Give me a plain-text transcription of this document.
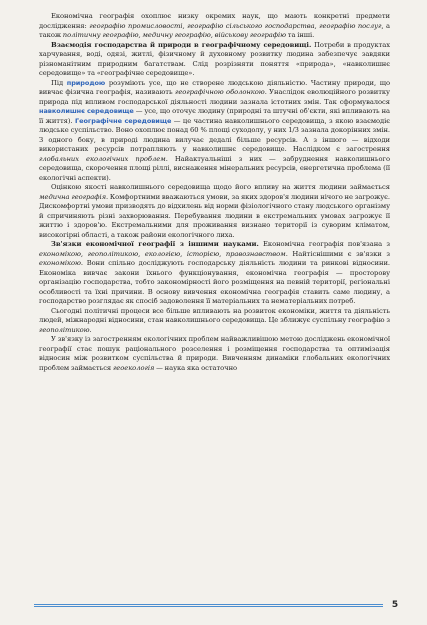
Економічна географія охоплює низку окремих наук, що мають конкретні предмети дослідження: географію промисловості, географію сільського господарства, географію послуг, а також політичну географію, медичну географію, військову географію та інші.

Взаємодія господарства й природи в географічному середовищі. Потреби в продуктах харчування, воді, одязі, житлі, фізичному й духовному розвитку людина забезпечує завдяки різноманітним природним багатствам. Слід розрізняти поняття «природа», «навколишнє середовище» та «географічне середовище».

Під природою розуміють усе, що не створене людською діяльністю. Частину природи, що вивчає фізична географія, називають географічною оболонкою. Унаслідок еволюційного розвитку природа під впливом господарської діяльності людини зазнала істотних змін. Так сформувалося навколишнє середовище — усе, що оточує людину (природні та штучні об'єкти, які впливають на її життя). Географічне середовище — це частина навколишнього середовища, з якою взаємодіє людське суспільство. Воно охоплює понад 60 % площі суходолу, у них 1/3 зазнала докорінних змін. З одного боку, в природі людина вилучає дедалі більше ресурсів. А з іншого — відходи використаних ресурсів потрапляють у навколишнє середовище. Наслідком є загострення глобальних екологічних проблем. Найактуальніші з них — забруднення навколишнього середовища, скорочення площі ріллі, виснаження мінеральних ресурсів, енергетична проблема (її екологічні аспекти).

Оцінкою якості навколишнього середовища щодо його впливу на життя людини займається медична географія. Комфортними вважаються умови, за яких здоров'я людини нічого не загрожує. Дискомфортні умови призводять до відхилень від норми фізіологічного стану людського організму й спричиняють різні захворювання. Перебування людини в екстремальних умовах загрожує її життю і здоров'ю. Екстремальними для проживання визнано території із суворим кліматом, високогірні області, а також райони екологічного лиха.

Зв'язки економічної географії з іншими науками. Економічна географія пов'язана з економікою, геополітикою, екологією, історією, правознавством. Найтіснішими є зв'язки з економікою. Вони спільно досліджують господарську діяльність людини та ринкові відносини. Економіка вивчає закони їхнього функціонування, економічна географія — просторову організацію господарства, тобто закономірності його розміщення на певній території, регіональні особливості та їхні причини. В основу вивчення економічна географія ставить саме людину, а господарство розглядає як спосіб задоволення її матеріальних та нематеріальних потреб.

Сьогодні політичні процеси все більше впливають на розвиток економіки, життя та діяльність людей, міжнародні відносини, стан навколишнього середовища. Це зближує суспільну географію з геополітикою.

У зв'язку із загостренням екологічних проблем найважливішою метою досліджень економічної географії стає пошук раціонального розселення і розміщення господарства та оптимізація відносин між розвитком суспільства й природи. Вивченням динаміки глобальних екологічних проблем займається геоекологія — наука яка остаточно

5
